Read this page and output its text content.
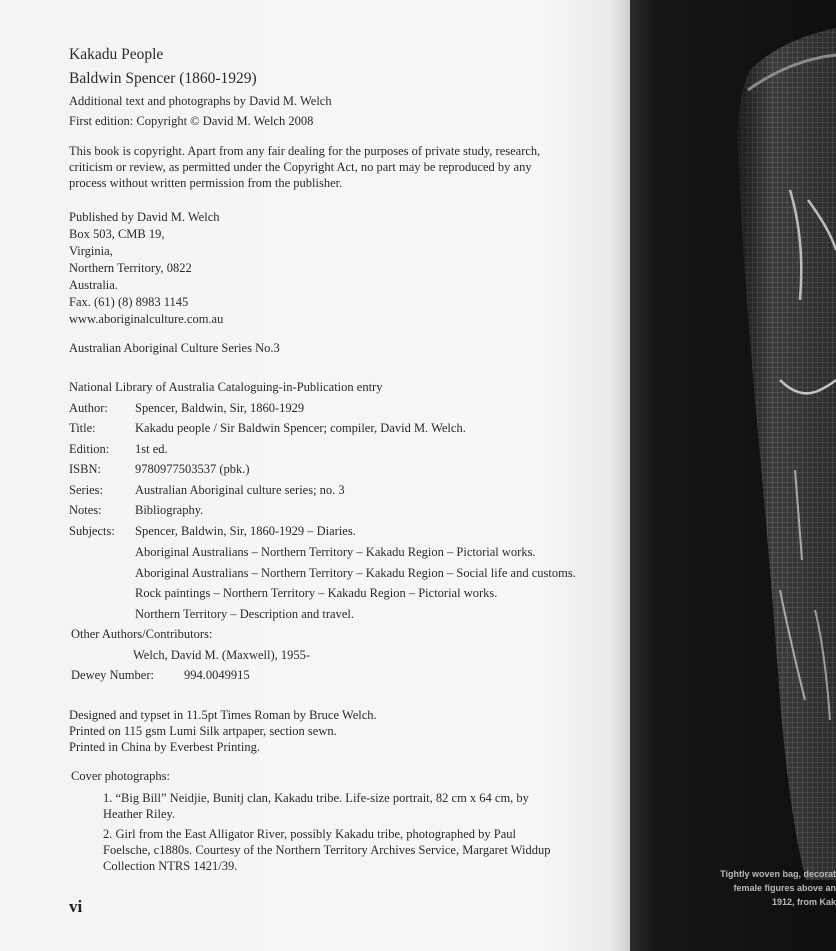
Kakadu People
Baldwin Spencer (1860-1929)
Additional text and photographs by David M. Welch
First edition: Copyright © David M. Welch 2008
This book is copyright. Apart from any fair dealing for the purposes of private study, research,
criticism or review, as permitted under the Copyright Act, no part may be reproduced by any
process without written permission from the publisher.
Published by David M. Welch
Box 503, CMB 19,
Virginia,
Northern Territory, 0822
Australia.
Fax. (61) (8) 8983 1145
www.aboriginalculture.com.au
Australian Aboriginal Culture Series No.3
National Library of Australia Cataloguing-in-Publication entry
Author: Spencer, Baldwin, Sir, 1860-1929
Title:	Kakadu people / Sir Baldwin Spencer; compiler, David M. Welch.
Edition: 1st ed.
ISBN:	9780977503537 (pbk.)
Series:	Australian Aboriginal culture series; no. 3
Notes:	Bibliography.
Subjects: Spencer, Baldwin, Sir, 1860-1929 – Diaries.
Aboriginal Australians – Northern Territory – Kakadu Region – Pictorial works.
Aboriginal Australians – Northern Territory – Kakadu Region – Social life and customs.
Rock paintings – Northern Territory – Kakadu Region – Pictorial works.
Northern Territory – Description and travel.
Other Authors/Contributors:
Welch, David M. (Maxwell), 1955-
Dewey Number: 994.0049915
Designed and typset in 11.5pt Times Roman by Bruce Welch.
Printed on 115 gsm Lumi Silk artpaper, section sewn.
Printed in China by Everbest Printing.
Cover photographs:
1. “Big Bill” Neidjie, Bunitj clan, Kakadu tribe. Life-size portrait, 82 cm x 64 cm, by
Heather Riley.
2. Girl from the East Alligator River, possibly Kakadu tribe, photographed by Paul
Foelsche, c1880s. Courtesy of the Northern Territory Archives Service, Margaret Widdup
Collection NTRS 1421/39.
vi
Tightly woven bag, decorat
female figures above an
1912, from Kak
